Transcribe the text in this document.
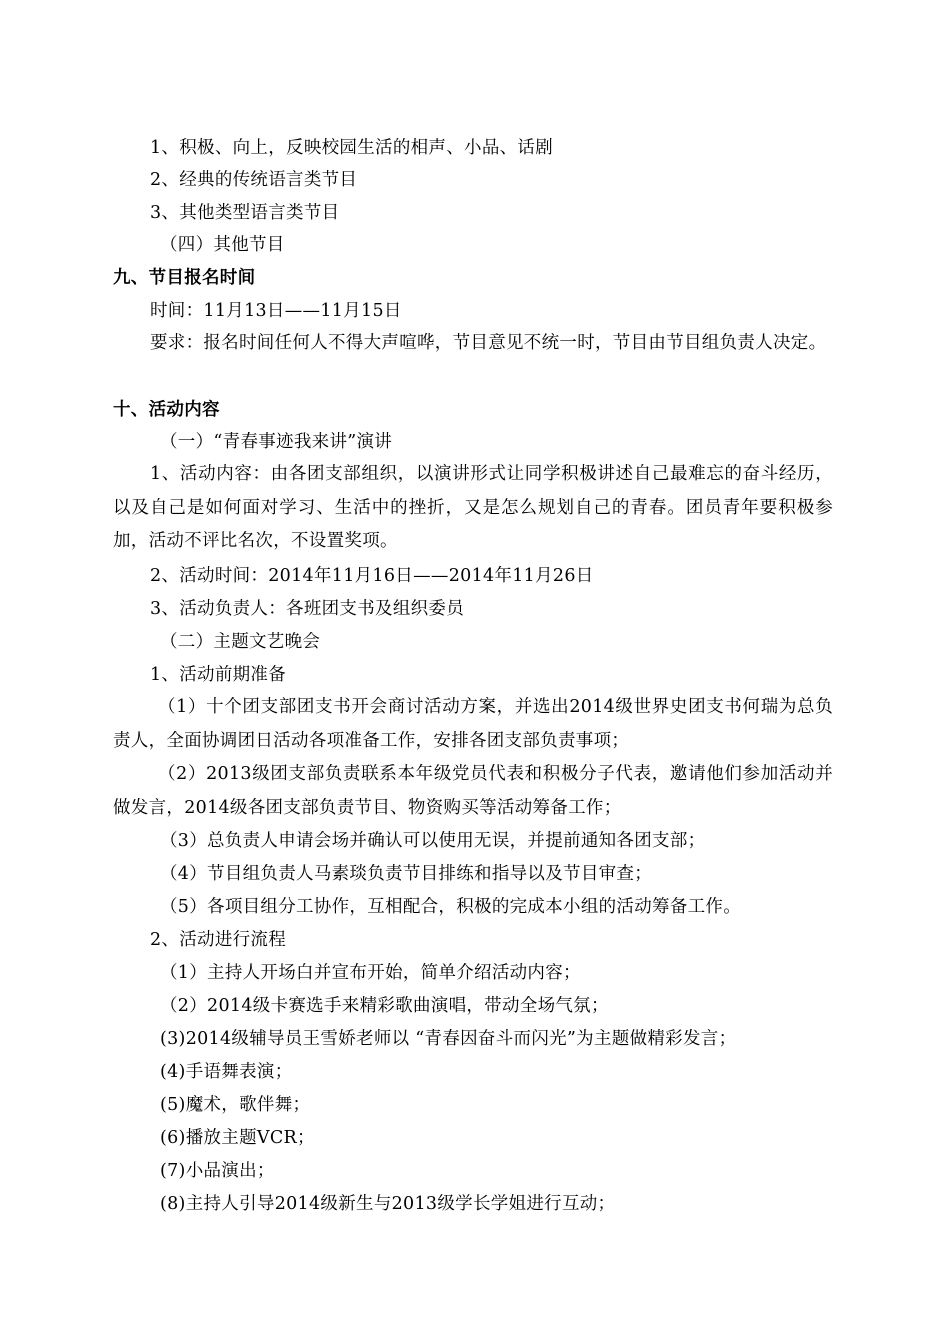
1、积极、向上，反映校园生活的相声、小品、话剧
2、经典的传统语言类节目
3、其他类型语言类节目
（四）其他节目
九、节目报名时间
时间：11月13日——11月15日
要求：报名时间任何人不得大声喧哗，节目意见不统一时，节目由节目组负责人决定。
十、活动内容
（一）“青春事迹我来讲”演讲
1、活动内容：由各团支部组织，以演讲形式让同学积极讲述自己最难忘的奋斗经历，以及自己是如何面对学习、生活中的挫折，又是怎么规划自己的青春。团员青年要积极参加，活动不评比名次，不设置奖项。
2、活动时间：2014年11月16日——2014年11月26日
3、活动负责人：各班团支书及组织委员
（二）主题文艺晚会
1、活动前期准备
（1）十个团支部团支书开会商讨活动方案，并选出2014级世界史团支书何瑞为总负责人，全面协调团日活动各项准备工作，安排各团支部负责事项；
（2）2013级团支部负责联系本年级党员代表和积极分子代表，邀请他们参加活动并做发言，2014级各团支部负责节目、物资购买等活动筹备工作；
（3）总负责人申请会场并确认可以使用无误，并提前通知各团支部；
（4）节目组负责人马素琰负责节目排练和指导以及节目审查；
（5）各项目组分工协作，互相配合，积极的完成本小组的活动筹备工作。
2、活动进行流程
（1）主持人开场白并宣布开始，简单介绍活动内容；
（2）2014级卡赛选手来精彩歌曲演唱，带动全场气氛；
(3)2014级辅导员王雪娇老师以 “青春因奋斗而闪光”为主题做精彩发言；
(4)手语舞表演；
(5)魔术，歌伴舞；
(6)播放主题VCR；
(7)小品演出；
(8)主持人引导2014级新生与2013级学长学姐进行互动；
